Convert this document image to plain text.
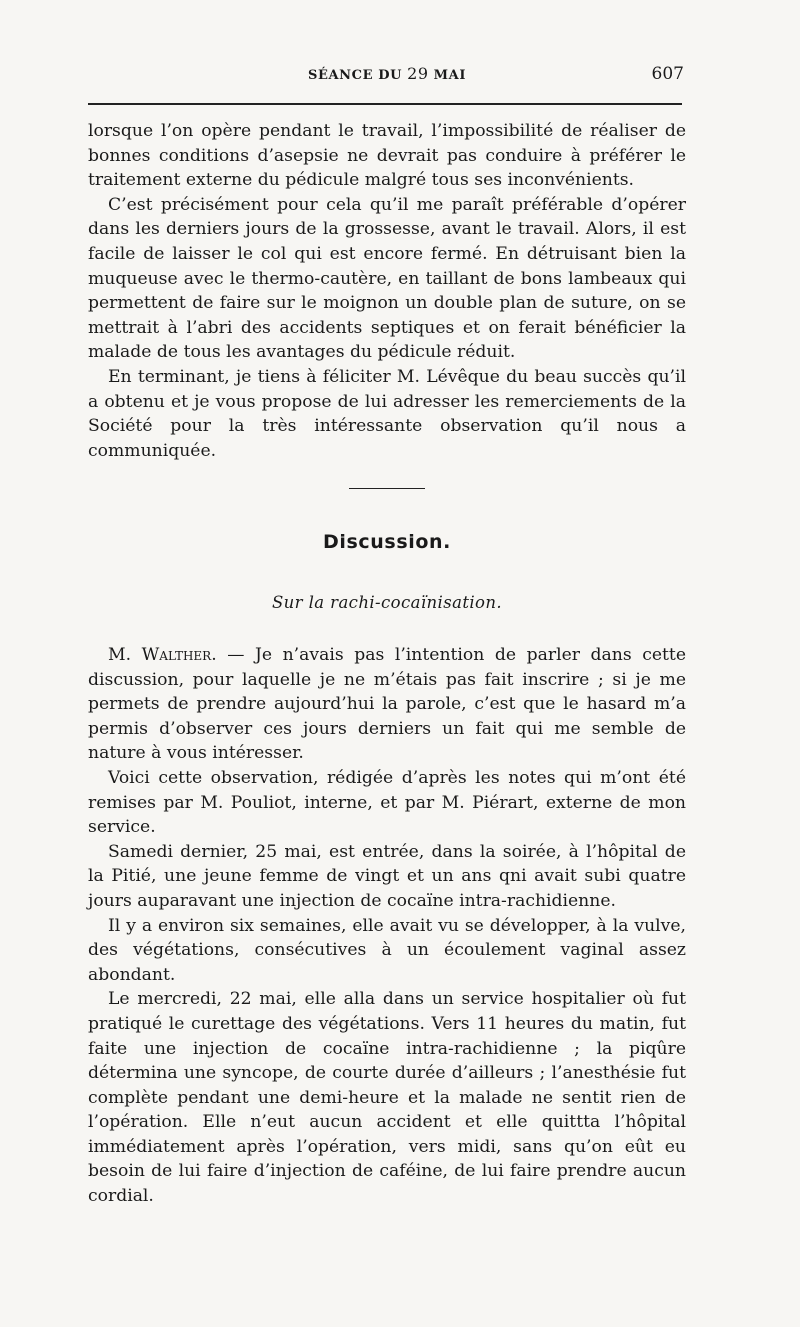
SÉANCE DU 29 MAI	607

lorsque l’on opère pendant le travail, l’impossibilité de réaliser de bonnes conditions d’asepsie ne devrait pas conduire à préférer le traitement externe du pédicule malgré tous ses inconvénients.

C’est précisément pour cela qu’il me paraît préférable d’opérer dans les derniers jours de la grossesse, avant le travail. Alors, il est facile de laisser le col qui est encore fermé. En détruisant bien la muqueuse avec le thermo-cautère, en taillant de bons lambeaux qui permettent de faire sur le moignon un double plan de suture, on se mettrait à l’abri des accidents septiques et on ferait bénéficier la malade de tous les avantages du pédicule réduit.

En terminant, je tiens à féliciter M. Lévêque du beau succès qu’il a obtenu et je vous propose de lui adresser les remerciements de la Société pour la très intéressante observation qu’il nous a communiquée.

Discussion.
Sur la rachi-cocaïnisation.

M. Walther. — Je n’avais pas l’intention de parler dans cette discussion, pour laquelle je ne m’étais pas fait inscrire ; si je me permets de prendre aujourd’hui la parole, c’est que le hasard m’a permis d’observer ces jours derniers un fait qui me semble de nature à vous intéresser.

Voici cette observation, rédigée d’après les notes qui m’ont été remises par M. Pouliot, interne, et par M. Piérart, externe de mon service.

Samedi dernier, 25 mai, est entrée, dans la soirée, à l’hôpital de la Pitié, une jeune femme de vingt et un ans qni avait subi quatre jours auparavant une injection de cocaïne intra-rachidienne.

Il y a environ six semaines, elle avait vu se développer, à la vulve, des végétations, consécutives à un écoulement vaginal assez abondant.

Le mercredi, 22 mai, elle alla dans un service hospitalier où fut pratiqué le curettage des végétations. Vers 11 heures du matin, fut faite une injection de cocaïne intra-rachidienne ; la piqûre détermina une syncope, de courte durée d’ailleurs ; l’anesthésie fut complète pendant une demi-heure et la malade ne sentit rien de l’opération. Elle n’eut aucun accident et elle quittta l’hôpital immédiatement après l’opération, vers midi, sans qu’on eût eu besoin de lui faire d’injection de caféine, de lui faire prendre aucun cordial.
